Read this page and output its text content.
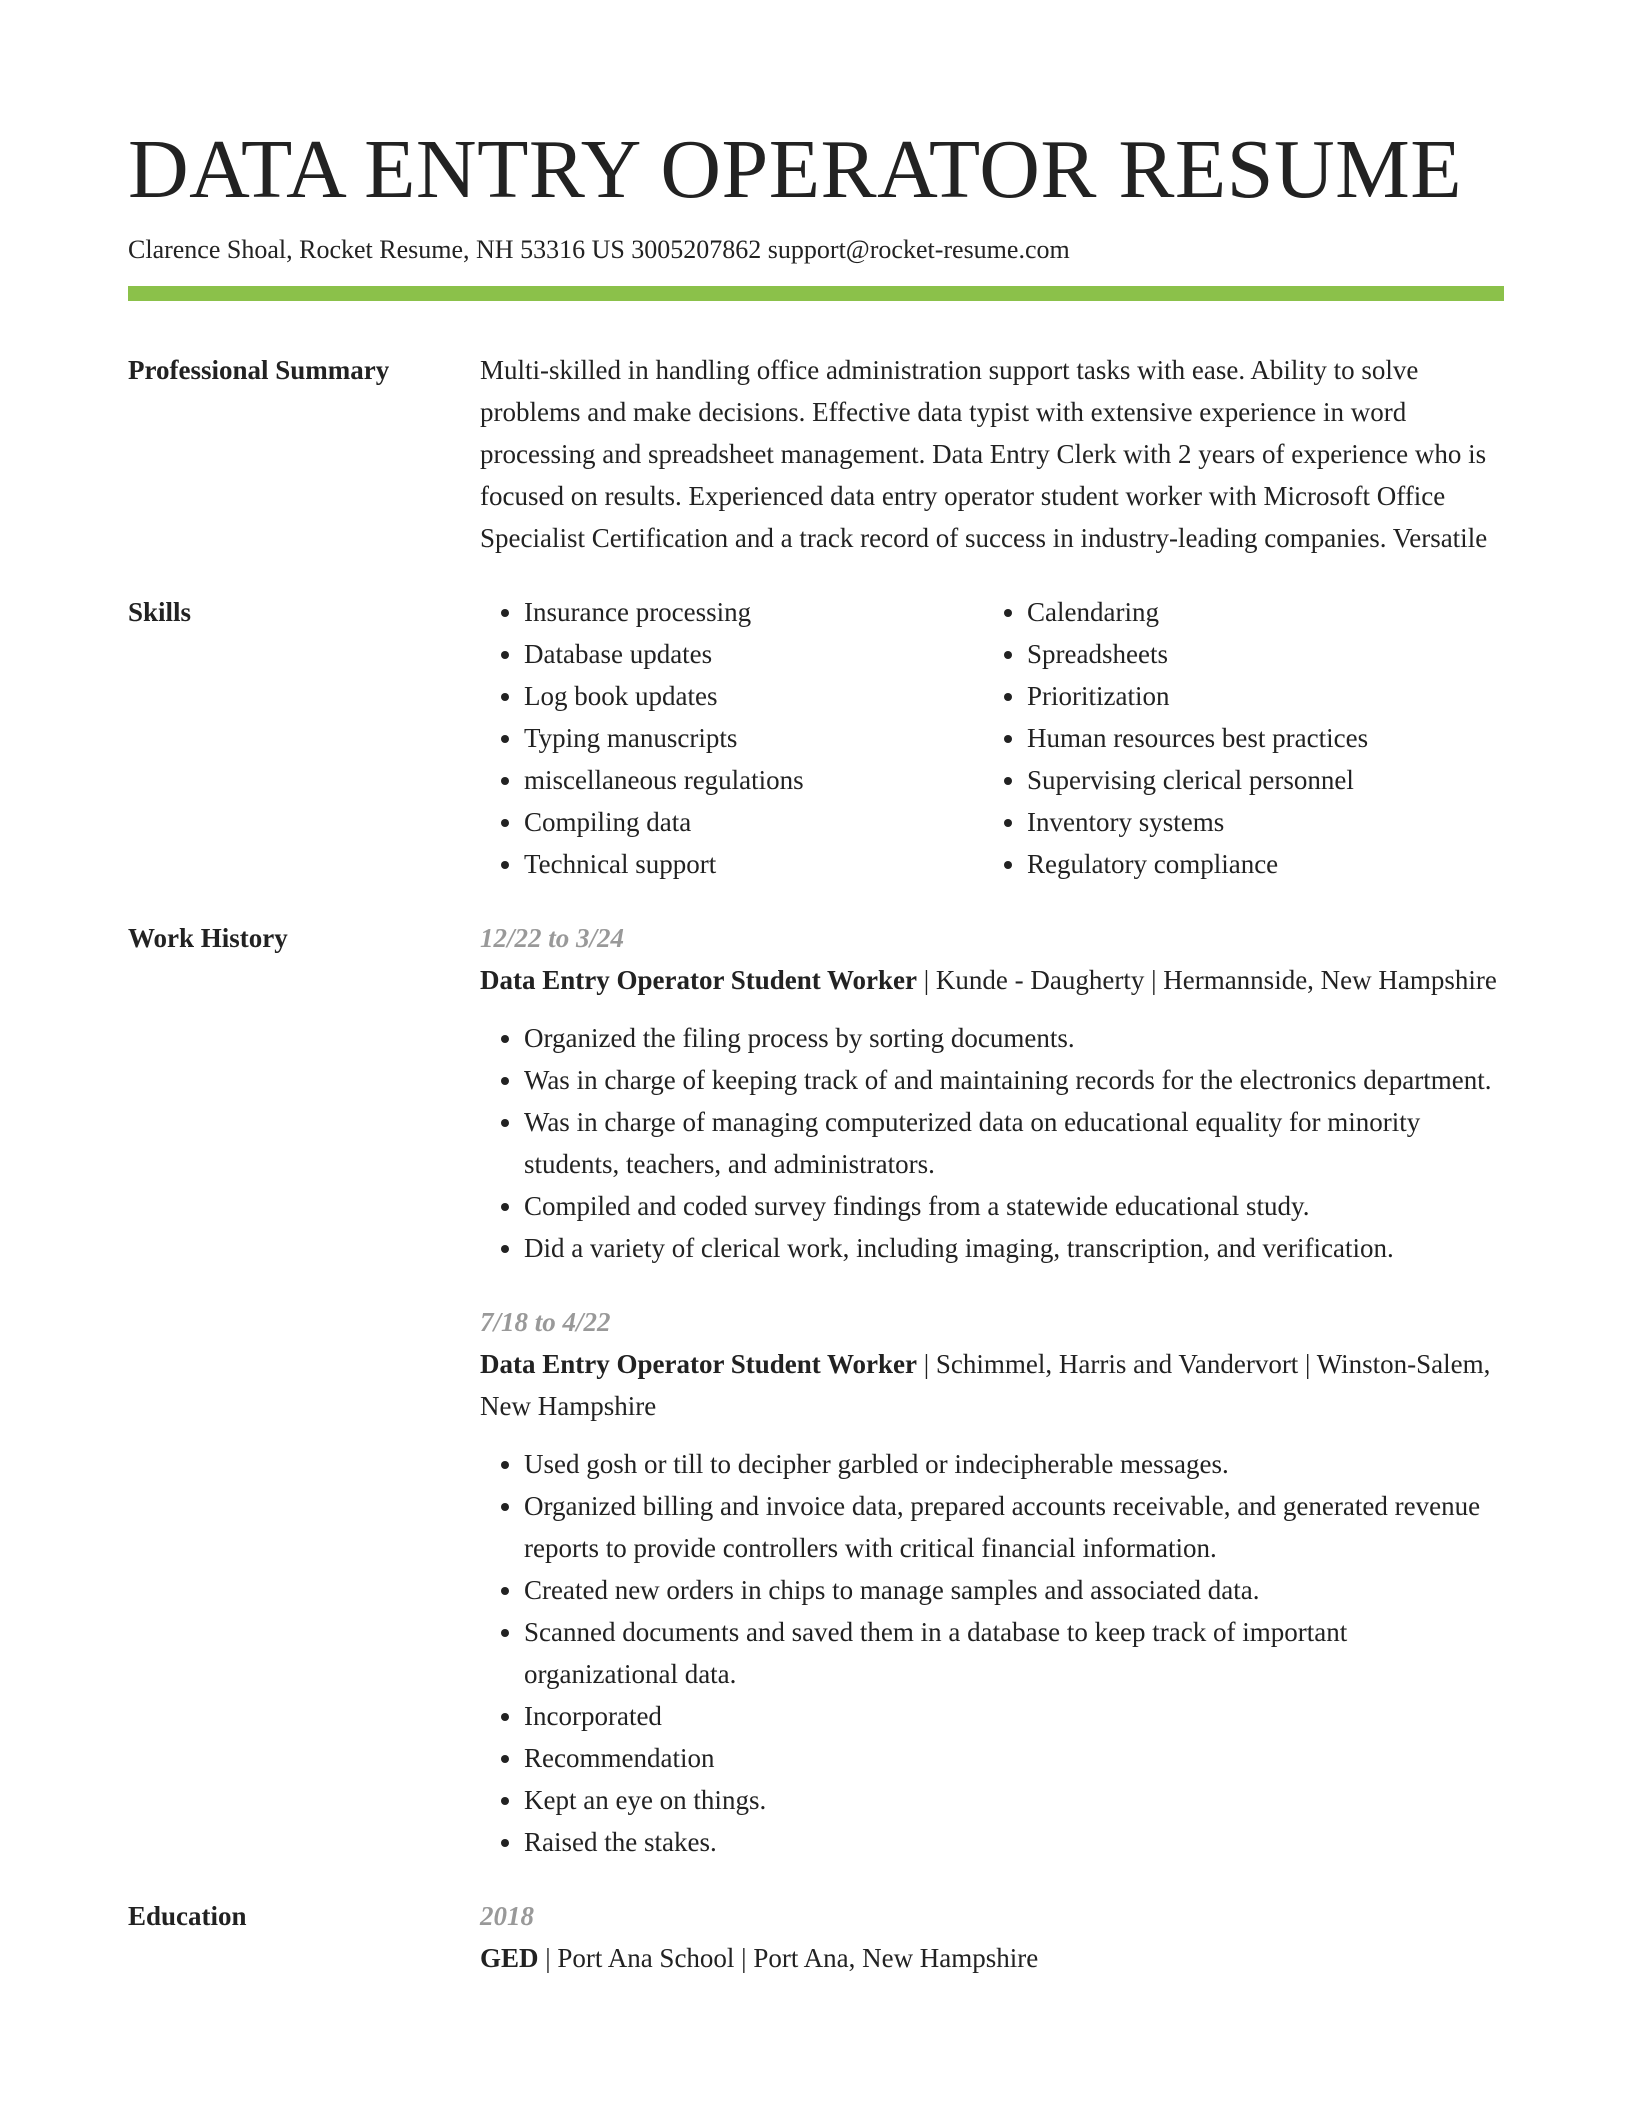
DATA ENTRY OPERATOR RESUME
Clarence Shoal, Rocket Resume, NH 53316 US 3005207862 support@rocket-resume.com
Professional Summary	Multi-skilled in handling office administration support tasks with ease. Ability to solve problems and make decisions. Effective data typist with extensive experience in word processing and spreadsheet management. Data Entry Clerk with 2 years of experience who is focused on results. Experienced data entry operator student worker with Microsoft Office Specialist Certification and a track record of success in industry-leading companies. Versatile
Skills
•	Insurance processing
• Database updates
• Log book updates
• Typing manuscripts
• miscellaneous regulations
• Compiling data
• Technical support
• Calendaring
• Spreadsheets
• Prioritization
• Human resources best practices
• Supervising clerical personnel
• Inventory systems
• Regulatory compliance
Work History	12/22 to 3/24
Data Entry Operator Student Worker | Kunde - Daugherty | Hermannside, New Hampshire
• Organized the filing process by sorting documents.
• Was in charge of keeping track of and maintaining records for the electronics department.
• Was in charge of managing computerized data on educational equality for minority students, teachers, and administrators.
• Compiled and coded survey findings from a statewide educational study.
• Did a variety of clerical work, including imaging, transcription, and verification.
7/18 to 4/22
Data Entry Operator Student Worker | Schimmel, Harris and Vandervort | Winston-Salem, New Hampshire
• Used gosh or till to decipher garbled or indecipherable messages.
• Organized billing and invoice data, prepared accounts receivable, and generated revenue reports to provide controllers with critical financial information.
• Created new orders in chips to manage samples and associated data.
• Scanned documents and saved them in a database to keep track of important organizational data.
• Incorporated
• Recommendation
• Kept an eye on things.
• Raised the stakes.
Education	2018
GED | Port Ana School | Port Ana, New Hampshire
